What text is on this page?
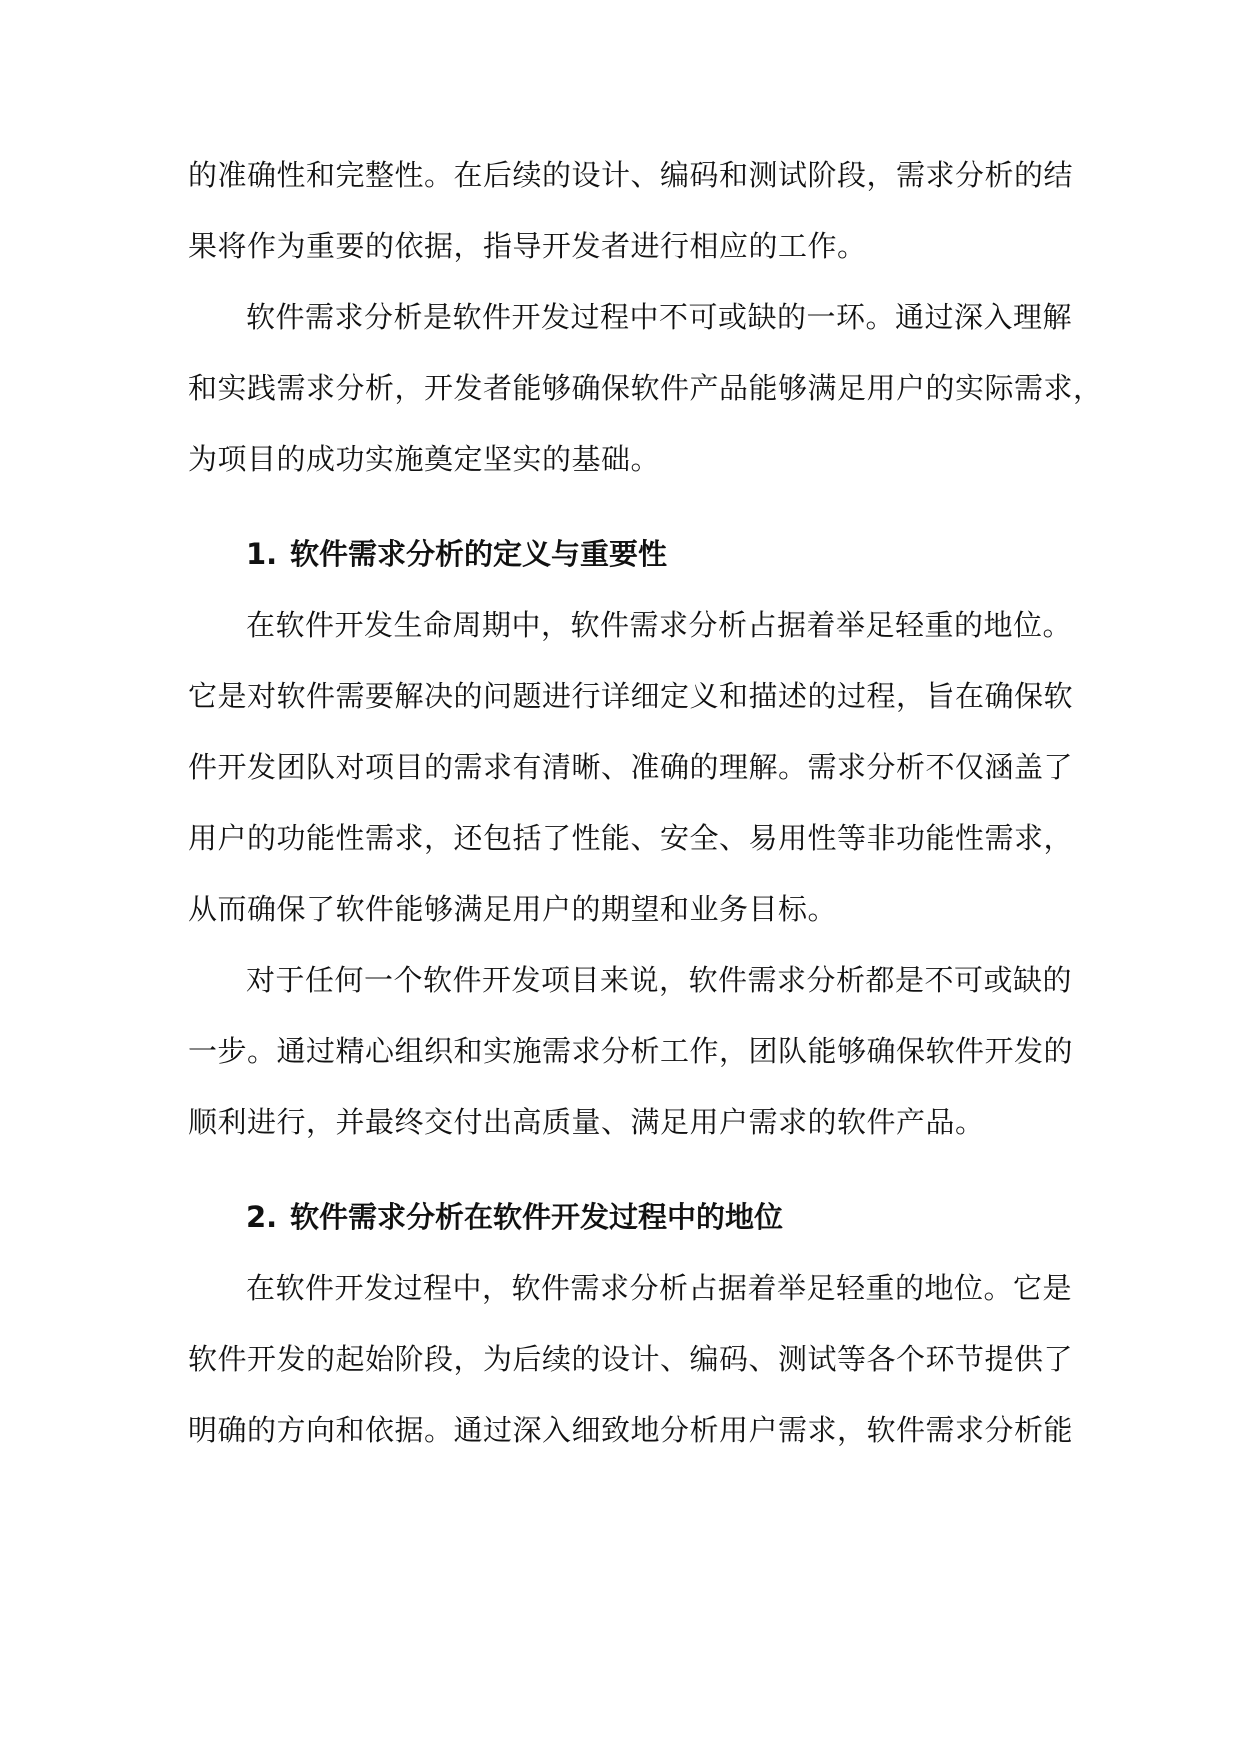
的准确性和完整性。在后续的设计、编码和测试阶段，需求分析的结
果将作为重要的依据，指导开发者进行相应的工作。
软件需求分析是软件开发过程中不可或缺的一环。通过深入理解
和实践需求分析，开发者能够确保软件产品能够满足用户的实际需求，
为项目的成功实施奠定坚实的基础。
1. 软件需求分析的定义与重要性
在软件开发生命周期中，软件需求分析占据着举足轻重的地位。
它是对软件需要解决的问题进行详细定义和描述的过程，旨在确保软
件开发团队对项目的需求有清晰、准确的理解。需求分析不仅涵盖了
用户的功能性需求，还包括了性能、安全、易用性等非功能性需求，
从而确保了软件能够满足用户的期望和业务目标。
对于任何一个软件开发项目来说，软件需求分析都是不可或缺的
一步。通过精心组织和实施需求分析工作，团队能够确保软件开发的
顺利进行，并最终交付出高质量、满足用户需求的软件产品。
2. 软件需求分析在软件开发过程中的地位
在软件开发过程中，软件需求分析占据着举足轻重的地位。它是
软件开发的起始阶段，为后续的设计、编码、测试等各个环节提供了
明确的方向和依据。通过深入细致地分析用户需求，软件需求分析能
